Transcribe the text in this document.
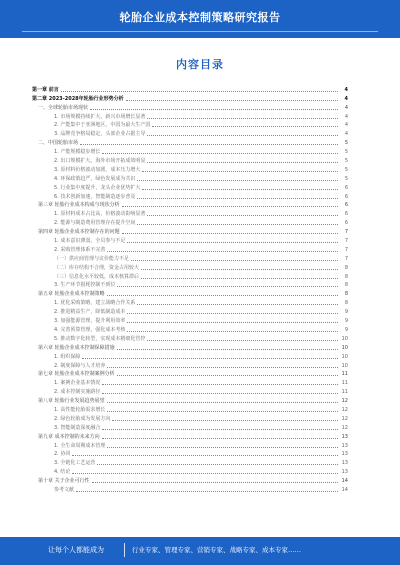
轮胎企业成本控制策略研究报告
内容目录
第一章 前言	4
第二章 2023-2028年轮胎行业形势分析	4
一、全球轮胎市场现状	4
1. 市场规模持续扩大，新兴市场增长显著	4
2. 产能集中于亚洲地区，中国为最大生产国	4
3. 品牌竞争格局稳定，头部企业占据主导	4
二、中国轮胎市场	5
1. 产能规模稳步增长	5
2. 出口规模扩大，海外市场开拓成效明显	5
3. 原材料价格波动加剧，成本压力增大	5
4. 环保政策趋严，绿色发展成为共识	5
5. 行业集中度提升，龙头企业优势扩大	6
6. 技术创新加速，智能制造逐步普及	6
第三章 轮胎行业成本构成与现状分析	6
1. 原材料成本占比高，价格波动影响显著	6
2. 能源与制造费用管理存在提升空间	6
第四章 轮胎企业成本控制存在的问题	7
1. 成本意识薄弱，全员参与不足	7
2. 采购管理体系不完善	7
（一）供应商管理与议价能力不足	7
（二）库存结构不合理，资金占用较大	8
（三）信息化水平较低，成本核算滞后	8
3. 生产环节损耗控制不到位	8
第五章 轮胎企业成本控制策略	8
1. 优化采购策略，建立战略合作关系	8
2. 推进精益生产，降低制造成本	9
3. 加强能源管理，提升利用效率	9
4. 完善预算管理，强化成本考核	9
5. 推动数字化转型，实现成本精细化管控	10
第六章 轮胎企业成本控制保障措施	10
1. 组织保障	10
2. 制度保障与人才培养	10
第七章 轮胎企业成本控制案例分析	11
1. 案例企业基本情况	11
2. 成本控制实施路径	11
第八章 轮胎行业发展趋势展望	12
1. 高性能轮胎需求增长	12
2. 绿色轮胎成为发展方向	12
3. 智能制造深度融合	12
第九章 成本控制的未来方向	13
1. 全生命周期成本管理	13
2. 协同	13
3. 全链化工艺运营	13
4. 结论	13
第十章 关于企业可行性	14
参考文献	14
让每个人都能成为	行业专家、管理专家、营销专家、战略专家、成本专家……
